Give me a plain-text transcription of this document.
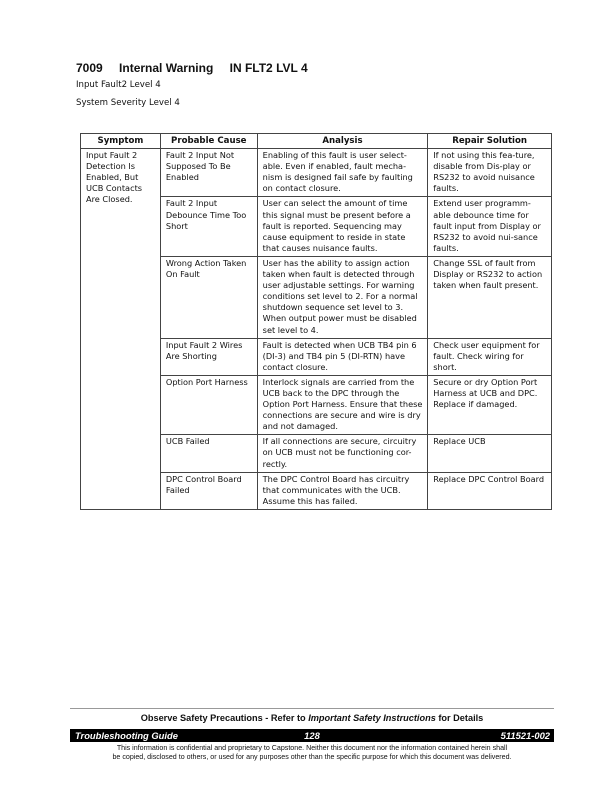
7009 Internal Warning IN FLT2 LVL 4
Input Fault2 Level 4
System Severity Level 4
Symptom	Probable Cause	Analysis	Repair Solution
Input Fault 2 Detection Is Enabled, But UCB Contacts Are Closed.	Fault 2 Input Not Supposed To Be Enabled	Enabling of this fault is user select-able. Even if enabled, fault mecha-nism is designed fail safe by faulting on contact closure.	If not using this fea-ture, disable from Dis-play or RS232 to avoid nuisance faults.
	Fault 2 Input Debounce Time Too Short	User can select the amount of time this signal must be present before a fault is reported. Sequencing may cause equipment to reside in state that causes nuisance faults.	Extend user programm-able debounce time for fault input from Display or RS232 to avoid nui-sance faults.
	Wrong Action Taken On Fault	User has the ability to assign action taken when fault is detected through user adjustable settings. For warning conditions set level to 2. For a normal shutdown sequence set level to 3. When output power must be disabled set level to 4.	Change SSL of fault from Display or RS232 to action taken when fault present.
	Input Fault 2 Wires Are Shorting	Fault is detected when UCB TB4 pin 6 (DI-3) and TB4 pin 5 (DI-RTN) have contact closure.	Check user equipment for fault. Check wiring for short.
	Option Port Harness	Interlock signals are carried from the UCB back to the DPC through the Option Port Harness. Ensure that these connections are secure and wire is dry and not damaged.	Secure or dry Option Port Harness at UCB and DPC. Replace if damaged.
	UCB Failed	If all connections are secure, circuitry on UCB must not be functioning cor-rectly.	Replace UCB
	DPC Control Board Failed	The DPC Control Board has circuitry that communicates with the UCB. Assume this has failed.	Replace DPC Control Board
Observe Safety Precautions - Refer to Important Safety Instructions for Details
128
Troubleshooting Guide	511521-002
This information is confidential and proprietary to Capstone. Neither this document nor the information contained herein shall
be copied, disclosed to others, or used for any purposes other than the specific purpose for which this document was delivered.
